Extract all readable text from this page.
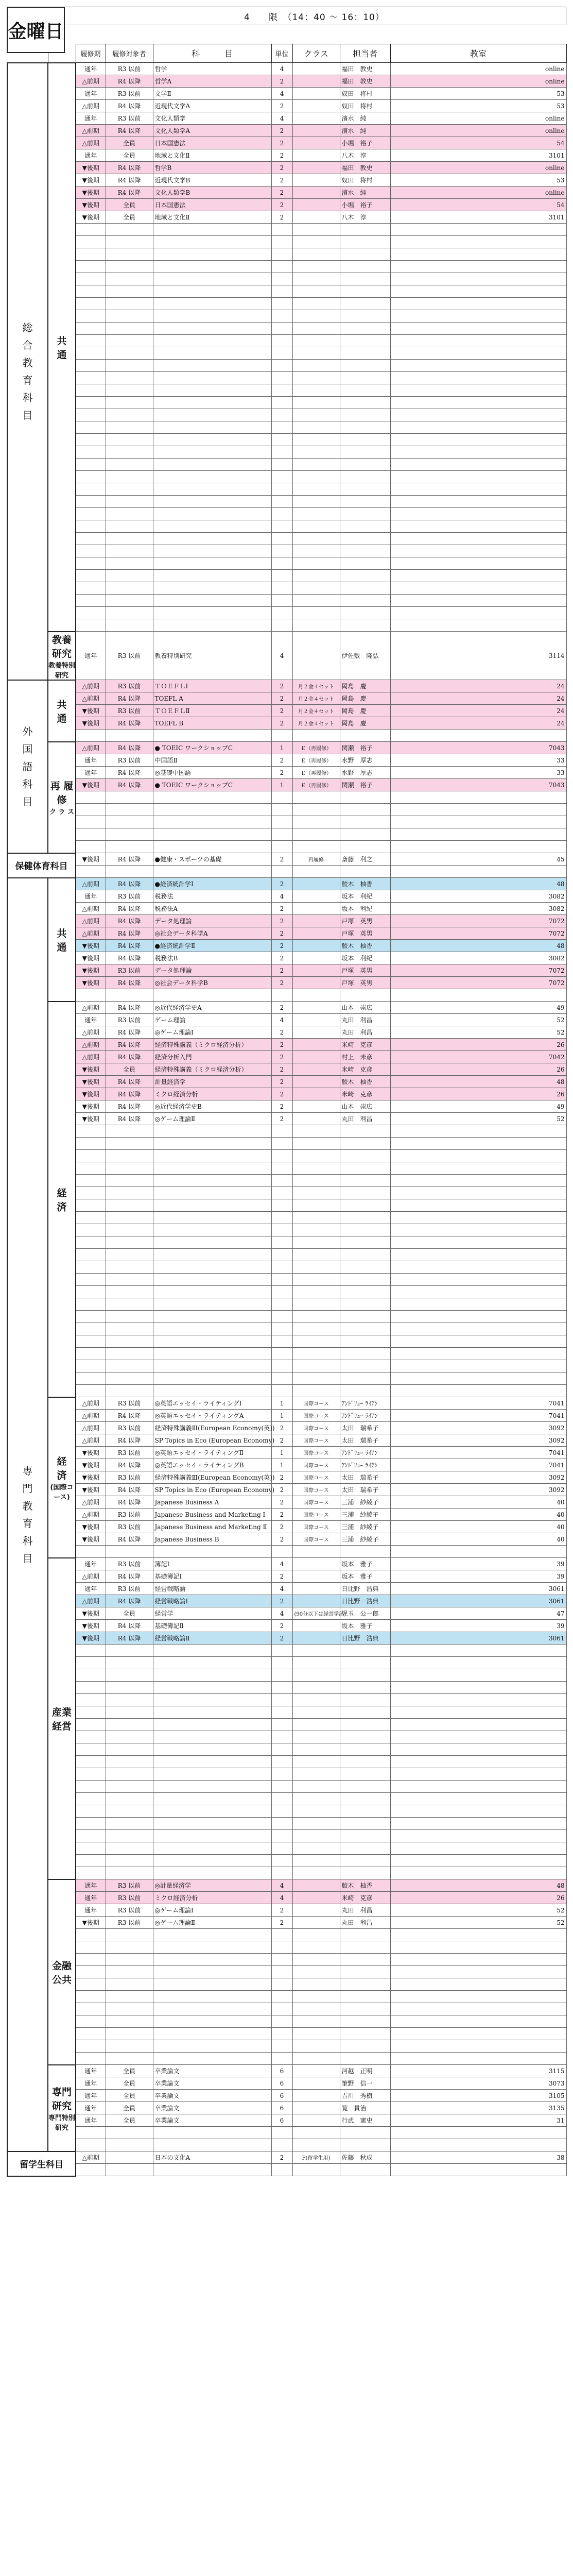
金曜日
4　　限　（14：40 ～ 16：10）
		履修期	履修対象者	科　　　目	単位	クラス	担当者	教室
総合教育科目	共　　通	通年	R3 以前	哲学	4		福田　教史	online
		△前期	R4 以降	哲学A	2		福田　教史	online
		通年	R3 以前	文学Ⅱ	4		奴田　将村	53
		△前期	R4 以降	近現代文学A	2		奴田　将村	53
		通年	R3 以前	文化人類学	4		濱水　純	online
		△前期	R4 以降	文化人類学A	2		濱水　純	online
		△前期	全員	日本国憲法	2		小堀　裕子	54
		通年	全員	地域と文化Ⅱ	2		八木　淳	3101
		▼後期	R4 以降	哲学B	2		福田　教史	online
		▼後期	R4 以降	近現代文学B	2		奴田　将村	53
		▼後期	R4 以降	文化人類学B	2		濱水　純	online
		▼後期	全員	日本国憲法	2		小堀　裕子	54
		▼後期	全員	地域と文化Ⅱ	2		八木　淳	3101

	教養研究
教養特別研究	通年	R3 以前	教養特別研究	4		伊佐敷　隆弘	3114
外国語科目	共　　通	△前期	R3 以前	ＴＯＥＦＬⅠ	2	月２金４セット	岡島　慶	24
		△前期	R4 以降	TOEFL A	2	月２金４セット	岡島　慶	24
		▼後期	R3 以前	ＴＯＥＦＬⅡ	2	月２金４セット	岡島　慶	24
		▼後期	R4 以降	TOEFL B	2	月２金４セット	岡島　慶	24

	再 履 修
ク ラ ス	△前期	R4 以降	● TOEIC ワークショップC	1	Ｅ（再履修）	関瀬　裕子	7043
		通年	R3 以前	中国語Ⅱ	2	Ｅ（再履修）	水野　厚志	33
		通年	R4 以降	◎基礎中国語	2	Ｅ（再履修）	水野　厚志	33
		▼後期	R4 以降	● TOEIC ワークショップC	1	Ｅ（再履修）	関瀬　裕子	7043

保健体育科目		▼後期	R4 以降	●健康・スポーツの基礎	2	再履修	斎藤　利之	45

専門教育科目	共　　通	△前期	R4 以降	●経済統計学Ⅰ	2		鮫木　柚香	48
		通年	R3 以前	税務法	4		坂本　利紀	3082
		△前期	R4 以降	税務法A	2		坂本　利紀	3082
		△前期	R4 以降	データ処理論	2		戸塚　英男	7072
		△前期	R4 以降	◎社会データ科学A	2		戸塚　英男	7072
		▼後期	R4 以降	●経済統計学Ⅱ	2		鮫木　柚香	48
		▼後期	R4 以降	税務法B	2		坂本　利紀	3082
		▼後期	R3 以前	データ処理論	2		戸塚　英男	7072
		▼後期	R4 以降	◎社会データ科学B	2		戸塚　英男	7072

	経　　済	△前期	R4 以降	◎近代経済学史A	2		山本　崇広	49
		通年	R3 以前	ゲーム理論	4		丸田　利昌	52
		△前期	R4 以降	◎ゲーム理論Ⅰ	2		丸田　利昌	52
		△前期	R4 以降	経済特殊講義（ミクロ経済分析）	2		米崎　克彦	26
		△前期	R4 以降	経済分析入門	2		村上　未彦	7042
		▼後期	全員	経済特殊講義（ミクロ経済分析）	2		米崎　克彦	26
		▼後期	R4 以降	計量経済学	2		鮫木　柚香	48
		▼後期	R4 以降	ミクロ経済分析	2		米崎　克彦	26
		▼後期	R4 以降	◎近代経済学史B	2		山本　崇広	49
		▼後期	R4 以降	◎ゲーム理論Ⅱ	2		丸田　利昌	52

	経　　済
(国際コース)	△前期	R3 以前	◎英語エッセイ・ライティングⅠ	1	国際コース	ｱﾝﾄﾞﾘｭｰ ﾗｲｱﾝ	7041
		△前期	R4 以降	◎英語エッセイ・ライティングA	1	国際コース	ｱﾝﾄﾞﾘｭｰ ﾗｲｱﾝ	7041
		△前期	R3 以前	経済特殊講義Ⅲ(European Economy(英))	2	国際コース	太田　瑞希子	3092
		△前期	R4 以降	SP Topics in Eco (European Economy)	2	国際コース	太田　瑞希子	3092
		▼後期	R3 以前	◎英語エッセイ・ライティングⅡ	1	国際コース	ｱﾝﾄﾞﾘｭｰ ﾗｲｱﾝ	7041
		▼後期	R4 以降	◎英語エッセイ・ライティングB	1	国際コース	ｱﾝﾄﾞﾘｭｰ ﾗｲｱﾝ	7041
		▼後期	R3 以前	経済特殊講義Ⅲ(European Economy(英))	2	国際コース	太田　瑞希子	3092
		▼後期	R4 以降	SP Topics in Eco (European Economy)	2	国際コース	太田　瑞希子	3092
		△前期	R4 以降	Japanese Business A	2	国際コース	三浦　紗綾子	40
		△前期	R3 以前	Japanese Business and Marketing Ⅰ	2	国際コース	三浦　紗綾子	40
		▼後期	R3 以前	Japanese Business and Marketing Ⅱ	2	国際コース	三浦　紗綾子	40
		▼後期	R4 以降	Japanese Business B	2	国際コース	三浦　紗綾子	40

	産業経営	通年	R3 以前	簿記Ⅰ	4		坂本　雅子	39
		△前期	R4 以降	基礎簿記Ⅰ	2		坂本　雅子	39
		通年	R3 以前	経営戦略論	4		日比野　浩典	3061
		△前期	R4 以降	経営戦略論Ⅰ	2		日比野　浩典	3061
		▼後期	全員	経営学	4	(90分以下は経営学部)	児玉　公一郎	47
		▼後期	R4 以降	基礎簿記Ⅱ	2		坂本　雅子	39
		▼後期	R4 以降	経営戦略論Ⅱ	2		日比野　浩典	3061

	金融公共	通年	R3 以前	◎計量経済学	4		鮫木　柚香	48
		通年	R3 以前	ミクロ経済分析	4		米崎　克彦	26
		通年	R3 以前	◎ゲーム理論Ⅰ	2		丸田　利昌	52
		▼後期	R3 以前	◎ゲーム理論Ⅱ	2		丸田　利昌	52

	専門研究
専門特別研究	通年	全員	卒業論文	6		河越　正明	3115
		通年	全員	卒業論文	6		筆野　信一	3073
		通年	全員	卒業論文	6		吉川　秀樹	3105
		通年	全員	卒業論文	6		筧　貴治	3135
		通年	全員	卒業論文	6		行武　憲史	31

留学生科目		△前期		日本の文化A	2	F(留学生用)	佐藤　秋成	38
